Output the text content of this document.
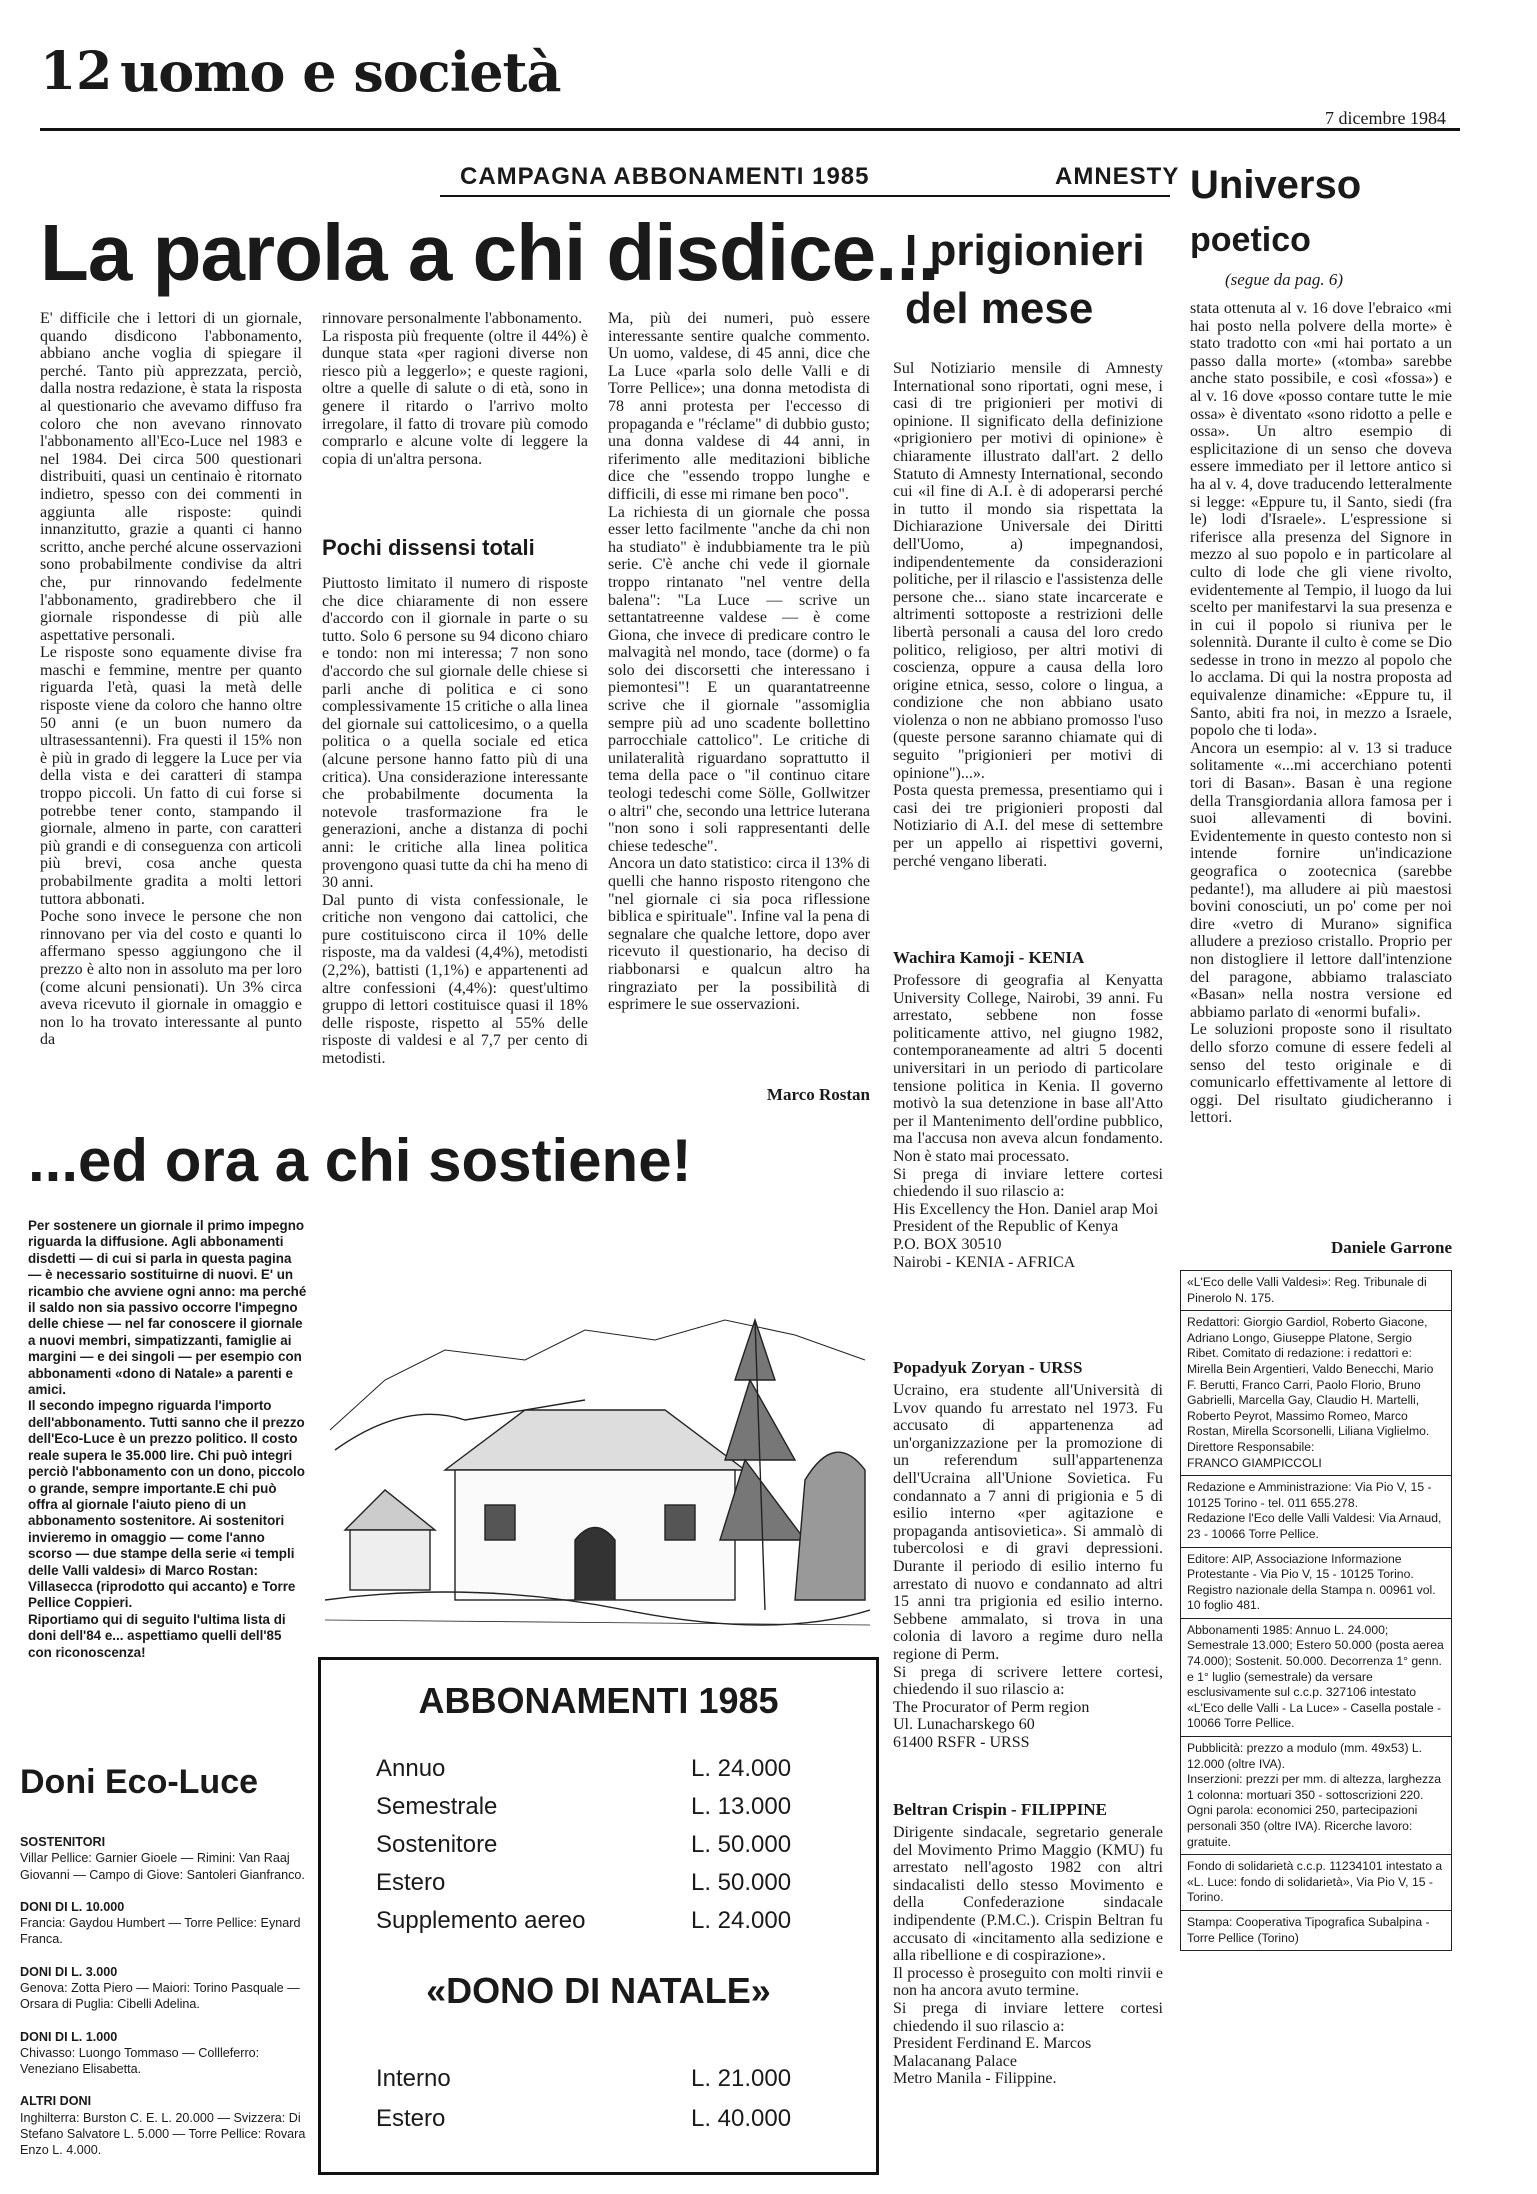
12 uomo e società
7 dicembre 1984
CAMPAGNA ABBONAMENTI 1985	AMNESTY
La parola a chi disdice...
E' difficile che i lettori di un giornale, quando disdicono l'abbonamento, abbiano anche voglia di spiegare il perché. Tanto più apprezzata, perciò, dalla nostra redazione, è stata la risposta al questionario che avevamo diffuso fra coloro che non avevano rinnovato l'abbonamento all'Eco-Luce nel 1983 e nel 1984. Dei circa 500 questionari distribuiti, quasi un centinaio è ritornato indietro, spesso con dei commenti in aggiunta alle risposte: quindi innanzitutto, grazie a quanti ci hanno scritto, anche perché alcune osservazioni sono probabilmente condivise da altri che, pur rinnovando fedelmente l'abbonamento, gradirebbero che il giornale rispondesse di più alle aspettative personali.
Le risposte sono equamente divise fra maschi e femmine, mentre per quanto riguarda l'età, quasi la metà delle risposte viene da coloro che hanno oltre 50 anni (e un buon numero da ultrasessantenni). Fra questi il 15% non è più in grado di leggere la Luce per via della vista e dei caratteri di stampa troppo piccoli. Un fatto di cui forse si potrebbe tener conto, stampando il giornale, almeno in parte, con caratteri più grandi e di conseguenza con articoli più brevi, cosa anche questa probabilmente gradita a molti lettori tuttora abbonati.
Poche sono invece le persone che non rinnovano per via del costo e quanti lo affermano spesso aggiungono che il prezzo è alto non in assoluto ma per loro (come alcuni pensionati). Un 3% circa aveva ricevuto il giornale in omaggio e non lo ha trovato interessante al punto da
rinnovare personalmente l'abbonamento.
La risposta più frequente (oltre il 44%) è dunque stata «per ragioni diverse non riesco più a leggerlo»; e queste ragioni, oltre a quelle di salute o di età, sono in genere il ritardo o l'arrivo molto irregolare, il fatto di trovare più comodo comprarlo e alcune volte di leggere la copia di un'altra persona.
Pochi dissensi totali
Piuttosto limitato il numero di risposte che dice chiaramente di non essere d'accordo con il giornale in parte o su tutto. Solo 6 persone su 94 dicono chiaro e tondo: non mi interessa; 7 non sono d'accordo che sul giornale delle chiese si parli anche di politica e ci sono complessivamente 15 critiche o alla linea del giornale sui cattolicesimo, o a quella politica o a quella sociale ed etica (alcune persone hanno fatto più di una critica). Una considerazione interessante che probabilmente documenta la notevole trasformazione fra le generazioni, anche a distanza di pochi anni: le critiche alla linea politica provengono quasi tutte da chi ha meno di 30 anni.
Dal punto di vista confessionale, le critiche non vengono dai cattolici, che pure costituiscono circa il 10% delle risposte, ma da valdesi (4,4%), metodisti (2,2%), battisti (1,1%) e appartenenti ad altre confessioni (4,4%): quest'ultimo gruppo di lettori costituisce quasi il 18% delle risposte, rispetto al 55% delle risposte di valdesi e al 7,7 per cento di metodisti.
Ma, più dei numeri, può essere interessante sentire qualche commento. Un uomo, valdese, di 45 anni, dice che La Luce «parla solo delle Valli e di Torre Pellice»; una donna metodista di 78 anni protesta per l'eccesso di propaganda e "réclame" di dubbio gusto; una donna valdese di 44 anni, in riferimento alle meditazioni bibliche dice che "essendo troppo lunghe e difficili, di esse mi rimane ben poco".
La richiesta di un giornale che possa esser letto facilmente "anche da chi non ha studiato" è indubbiamente tra le più serie. C'è anche chi vede il giornale troppo rintanato "nel ventre della balena": "La Luce — scrive un settantatreenne valdese — è come Giona, che invece di predicare contro le malvagità nel mondo, tace (dorme) o fa solo dei discorsetti che interessano i piemontesi"! E un quarantatreenne scrive che il giornale "assomiglia sempre più ad uno scadente bollettino parrocchiale cattolico". Le critiche di unilateralità riguardano soprattutto il tema della pace o "il continuo citare teologi tedeschi come Sölle, Gollwitzer o altri" che, secondo una lettrice luterana "non sono i soli rappresentanti delle chiese tedesche".
Ancora un dato statistico: circa il 13% di quelli che hanno risposto ritengono che "nel giornale ci sia poca riflessione biblica e spirituale". Infine val la pena di segnalare che qualche lettore, dopo aver ricevuto il questionario, ha deciso di riabbonarsi e qualcun altro ha ringraziato per la possibilità di esprimere le sue osservazioni.
Marco Rostan
I prigionieri del mese
Sul Notiziario mensile di Amnesty International sono riportati, ogni mese, i casi di tre prigionieri per motivi di opinione. Il significato della definizione «prigioniero per motivi di opinione» è chiaramente illustrato dall'art. 2 dello Statuto di Amnesty International, secondo cui «il fine di A.I. è di adoperarsi perché in tutto il mondo sia rispettata la Dichiarazione Universale dei Diritti dell'Uomo, a) impegnandosi, indipendentemente da considerazioni politiche, per il rilascio e l'assistenza delle persone che... siano state incarcerate e altrimenti sottoposte a restrizioni delle libertà personali a causa del loro credo politico, religioso, per altri motivi di coscienza, oppure a causa della loro origine etnica, sesso, colore o lingua, a condizione che non abbiano usato violenza o non ne abbiano promosso l'uso (queste persone saranno chiamate qui di seguito "prigionieri per motivi di opinione")...».
Posta questa premessa, presentiamo qui i casi dei tre prigionieri proposti dal Notiziario di A.I. del mese di settembre per un appello ai rispettivi governi, perché vengano liberati.
Wachira Kamoji - KENIA
Professore di geografia al Kenyatta University College, Nairobi, 39 anni. Fu arrestato, sebbene non fosse politicamente attivo, nel giugno 1982, contemporaneamente ad altri 5 docenti universitari in un periodo di particolare tensione politica in Kenia. Il governo motivò la sua detenzione in base all'Atto per il Mantenimento dell'ordine pubblico, ma l'accusa non aveva alcun fondamento. Non è stato mai processato.
Si prega di inviare lettere cortesi chiedendo il suo rilascio a:
His Excellency the Hon. Daniel arap Moi
President of the Republic of Kenya
P.O. BOX 30510
Nairobi - KENIA - AFRICA
Popadyuk Zoryan - URSS
Ucraino, era studente all'Università di Lvov quando fu arrestato nel 1973. Fu accusato di appartenenza ad un'organizzazione per la promozione di un referendum sull'appartenenza dell'Ucraina all'Unione Sovietica. Fu condannato a 7 anni di prigionia e 5 di esilio interno «per agitazione e propaganda antisovietica». Si ammalò di tubercolosi e di gravi depressioni. Durante il periodo di esilio interno fu arrestato di nuovo e condannato ad altri 15 anni tra prigionia ed esilio interno. Sebbene ammalato, si trova in una colonia di lavoro a regime duro nella regione di Perm.
Si prega di scrivere lettere cortesi, chiedendo il suo rilascio a:
The Procurator of Perm region
Ul. Lunacharskego 60
61400 RSFR - URSS
Beltran Crispin - FILIPPINE
Dirigente sindacale, segretario generale del Movimento Primo Maggio (KMU) fu arrestato nell'agosto 1982 con altri sindacalisti dello stesso Movimento e della Confederazione sindacale indipendente (P.M.C.). Crispin Beltran fu accusato di «incitamento alla sedizione e alla ribellione e di cospirazione».
Il processo è proseguito con molti rinvii e non ha ancora avuto termine.
Si prega di inviare lettere cortesi chiedendo il suo rilascio a:
President Ferdinand E. Marcos
Malacanang Palace
Metro Manila - Filippine.
Universo
poetico
(segue da pag. 6)
stata ottenuta al v. 16 dove l'ebraico «mi hai posto nella polvere della morte» è stato tradotto con «mi hai portato a un passo dalla morte» («tomba» sarebbe anche stato possibile, e così «fossa») e al v. 16 dove «posso contare tutte le mie ossa» è diventato «sono ridotto a pelle e ossa». Un altro esempio di esplicitazione di un senso che doveva essere immediato per il lettore antico si ha al v. 4, dove traducendo letteralmente si legge: «Eppure tu, il Santo, siedi (fra le) lodi d'Israele». L'espressione si riferisce alla presenza del Signore in mezzo al suo popolo e in particolare al culto di lode che gli viene rivolto, evidentemente al Tempio, il luogo da lui scelto per manifestarvi la sua presenza e in cui il popolo si riuniva per le solennità. Durante il culto è come se Dio sedesse in trono in mezzo al popolo che lo acclama. Di qui la nostra proposta ad equivalenze dinamiche: «Eppure tu, il Santo, abiti fra noi, in mezzo a Israele, popolo che ti loda».
Ancora un esempio: al v. 13 si traduce solitamente «...mi accerchiano potenti tori di Basan». Basan è una regione della Transgiordania allora famosa per i suoi allevamenti di bovini. Evidentemente in questo contesto non si intende fornire un'indicazione geografica o zootecnica (sarebbe pedante!), ma alludere ai più maestosi bovini conosciuti, un po' come per noi dire «vetro di Murano» significa alludere a prezioso cristallo. Proprio per non distogliere il lettore dall'intenzione del paragone, abbiamo tralasciato «Basan» nella nostra versione ed abbiamo parlato di «enormi bufali».
Le soluzioni proposte sono il risultato dello sforzo comune di essere fedeli al senso del testo originale e di comunicarlo effettivamente al lettore di oggi. Del risultato giudicheranno i lettori.
Daniele Garrone
...ed ora a chi sostiene!
Per sostenere un giornale il primo impegno riguarda la diffusione. Agli abbonamenti disdetti — di cui si parla in questa pagina — è necessario sostituirne di nuovi. E' un ricambio che avviene ogni anno: ma perché il saldo non sia passivo occorre l'impegno delle chiese — nel far conoscere il giornale a nuovi membri, simpatizzanti, famiglie ai margini — e dei singoli — per esempio con abbonamenti «dono di Natale» a parenti e amici.
Il secondo impegno riguarda l'importo dell'abbonamento. Tutti sanno che il prezzo dell'Eco-Luce è un prezzo politico. Il costo reale supera le 35.000 lire. Chi può integri perciò l'abbonamento con un dono, piccolo o grande, sempre importante.E chi può offra al giornale l'aiuto pieno di un abbonamento sostenitore. Ai sostenitori invieremo in omaggio — come l'anno scorso — due stampe della serie «i templi delle Valli valdesi» di Marco Rostan: Villasecca (riprodotto qui accanto) e Torre Pellice Coppieri.
Riportiamo qui di seguito l'ultima lista di doni dell'84 e... aspettiamo quelli dell'85 con riconoscenza!
Doni Eco-Luce

SOSTENITORI
Villar Pellice: Garnier Gioele — Rimini: Van Raaj Giovanni — Campo di Giove: Santoleri Gianfranco.

DONI DI L. 10.000
Francia: Gaydou Humbert — Torre Pellice: Eynard Franca.

DONI DI L. 3.000
Genova: Zotta Piero — Maiori: Torino Pasquale — Orsara di Puglia: Cibelli Adelina.

DONI DI L. 1.000
Chivasso: Luongo Tommaso — Collleferro: Veneziano Elisabetta.

ALTRI DONI
Inghilterra: Burston C. E. L. 20.000 — Svizzera: Di Stefano Salvatore L. 5.000 — Torre Pellice: Rovara Enzo L. 4.000.

ABBONAMENTI 1985
Annuo	L. 24.000
Semestrale	L. 13.000
Sostenitore	L. 50.000
Estero	L. 50.000
Supplemento aereo	L. 24.000
«DONO DI NATALE»
Interno	L. 21.000
Estero	L. 40.000
«L'Eco delle Valli Valdesi»: Reg. Tribunale di Pinerolo N. 175.
Redattori: Giorgio Gardiol, Roberto Giacone, Adriano Longo, Giuseppe Platone, Sergio Ribet. Comitato di redazione: i redattori e: Mirella Bein Argentieri, Valdo Benecchi, Mario F. Berutti, Franco Carri, Paolo Florio, Bruno Gabrielli, Marcella Gay, Claudio H. Martelli, Roberto Peyrot, Massimo Romeo, Marco Rostan, Mirella Scorsonelli, Liliana Viglielmo.
Direttore Responsabile:
FRANCO GIAMPICCOLI
Redazione e Amministrazione: Via Pio V, 15 - 10125 Torino - tel. 011 655.278.
Redazione l'Eco delle Valli Valdesi: Via Arnaud, 23 - 10066 Torre Pellice.
Editore: AIP, Associazione Informazione Protestante - Via Pio V, 15 - 10125 Torino.
Registro nazionale della Stampa n. 00961 vol. 10 foglio 481.
Abbonamenti 1985: Annuo L. 24.000; Semestrale 13.000; Estero 50.000 (posta aerea 74.000); Sostenit. 50.000. Decorrenza 1° genn. e 1° luglio (semestrale) da versare esclusivamente sul c.c.p. 327106 intestato «L'Eco delle Valli - La Luce» - Casella postale - 10066 Torre Pellice.
Pubblicità: prezzo a modulo (mm. 49x53) L. 12.000 (oltre IVA).
Inserzioni: prezzi per mm. di altezza, larghezza 1 colonna: mortuari 350 - sottoscrizioni 220.
Ogni parola: economici 250, partecipazioni personali 350 (oltre IVA). Ricerche lavoro: gratuite.
Fondo di solidarietà c.c.p. 11234101 intestato a «L. Luce: fondo di solidarietà», Via Pio V, 15 - Torino.
Stampa: Cooperativa Tipografica Subalpina - Torre Pellice (Torino)
